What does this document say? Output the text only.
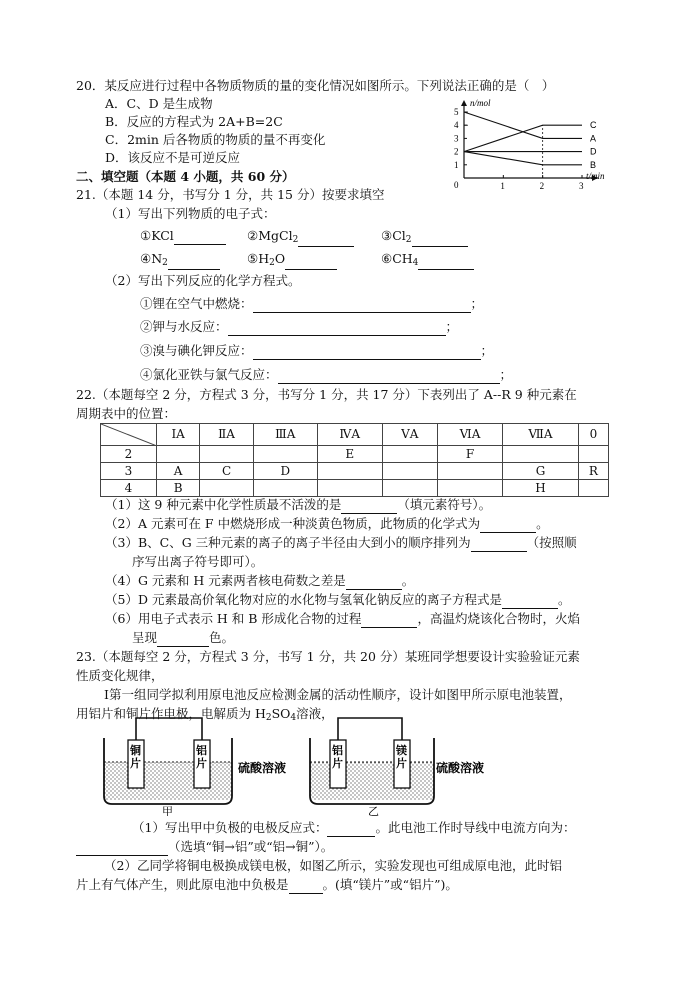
20．某反应进行过程中各物质物质的量的变化情况如图所示。下列说法正确的是（　）
A．C、D 是生成物
B．反应的方程式为 2A+B=2C
C．2min 后各物质的物质的量不再变化
D．该反应不是可逆反应
n/mol
t/min
0
1
2
3
4
5
1	2	3
C
A
D
B
二、填空题（本题 4 小题，共 60 分）
21.（本题 14 分，书写分 1 分，共 15 分）按要求填空
（1）写出下列物质的电子式：
①KCl	②MgCl$_2$	$③Cl_2$
$④N_2$	$⑤H_2O$	$⑥CH_4$
（2）写出下列反应的化学方程式。
①锂在空气中燃烧：	；
②钾与水反应：	；
③溴与碘化钾反应：	；
④氯化亚铁与氯气反应：	；
22.（本题每空 2 分，方程式 3 分，书写分 1 分，共 17 分）下表列出了 A--R 9 种元素在
周期表中的位置：
	ⅠA	ⅡA	ⅢA	ⅣA	ⅤA	ⅥA	ⅦA	0
2				E		F		
3	A	C	D				G	R
4	B						H	
（1）这 9 种元素中化学性质最不活泼的是	（填元素符号）。
（2）A 元素可在 F 中燃烧形成一种淡黄色物质，此物质的化学式为	。
（3）B、C、G 三种元素的离子的离子半径由大到小的顺序排列为	（按照顺
序写出离子符号即可）。
（4）G 元素和 H 元素两者核电荷数之差是	。
（5）D 元素最高价氧化物对应的水化物与氢氧化钠反应的离子方程式是	。
（6）用电子式表示 H 和 B 形成化合物的过程	，高温灼烧该化合物时，火焰
呈现	色。
23.（本题每空 2 分，方程式 3 分，书写 1 分，共 20 分）某班同学想要设计实验验证元素
性质变化规律，
Ⅰ第一组同学拟利用原电池反应检测金属的活动性顺序，设计如图甲所示原电池装置，
用铝片和铜片作电极，电解质为 $H_2SO_4$溶液，
铜
片
铝
片	硫酸溶液
甲
铝
片
镁
片 硫酸溶液
乙
（1）写出甲中负极的电极反应式：	。此电池工作时导线中电流方向为：
（选填“铜→铝”或“铝→铜”）。
（2）乙同学将铜电极换成镁电极，如图乙所示，实验发现也可组成原电池，此时铝
片上有气体产生，则此原电池中负极是	。(填“镁片”或“铝片”)。
